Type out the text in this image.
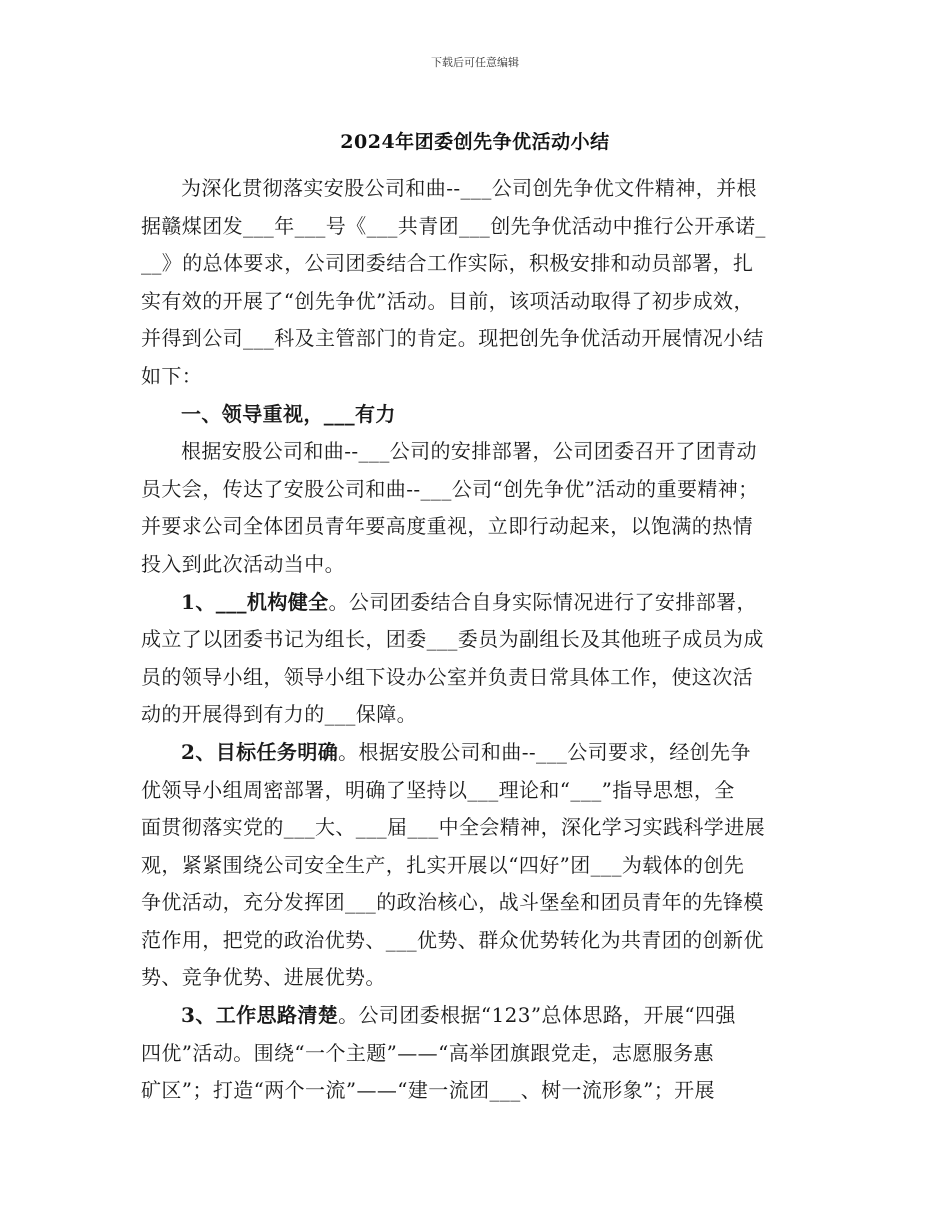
下载后可任意编辑
2024年团委创先争优活动小结

为深化贯彻落实安股公司和曲--___公司创先争优文件精神，并根
据赣煤团发___年___号《___共青团___创先争优活动中推行公开承诺_
__》的总体要求，公司团委结合工作实际，积极安排和动员部署，扎
实有效的开展了“创先争优”活动。目前，该项活动取得了初步成效，
并得到公司___科及主管部门的肯定。现把创先争优活动开展情况小结
如下：

一、领导重视，___有力

根据安股公司和曲--___公司的安排部署，公司团委召开了团青动
员大会，传达了安股公司和曲--___公司“创先争优”活动的重要精神；
并要求公司全体团员青年要高度重视，立即行动起来，以饱满的热情
投入到此次活动当中。

1、___机构健全。公司团委结合自身实际情况进行了安排部署，
成立了以团委书记为组长，团委___委员为副组长及其他班子成员为成
员的领导小组，领导小组下设办公室并负责日常具体工作，使这次活
动的开展得到有力的___保障。

2、目标任务明确。根据安股公司和曲--___公司要求，经创先争
优领导小组周密部署，明确了坚持以___理论和“___”指导思想，全
面贯彻落实党的___大、___届___中全会精神，深化学习实践科学进展
观，紧紧围绕公司安全生产，扎实开展以“四好”团___为载体的创先
争优活动，充分发挥团___的政治核心，战斗堡垒和团员青年的先锋模
范作用，把党的政治优势、___优势、群众优势转化为共青团的创新优
势、竞争优势、进展优势。

3、工作思路清楚。公司团委根据“123”总体思路，开展“四强
四优”活动。围绕“一个主题”——“高举团旗跟党走，志愿服务惠
矿区”；打造“两个一流”——“建一流团___、树一流形象”；开展
